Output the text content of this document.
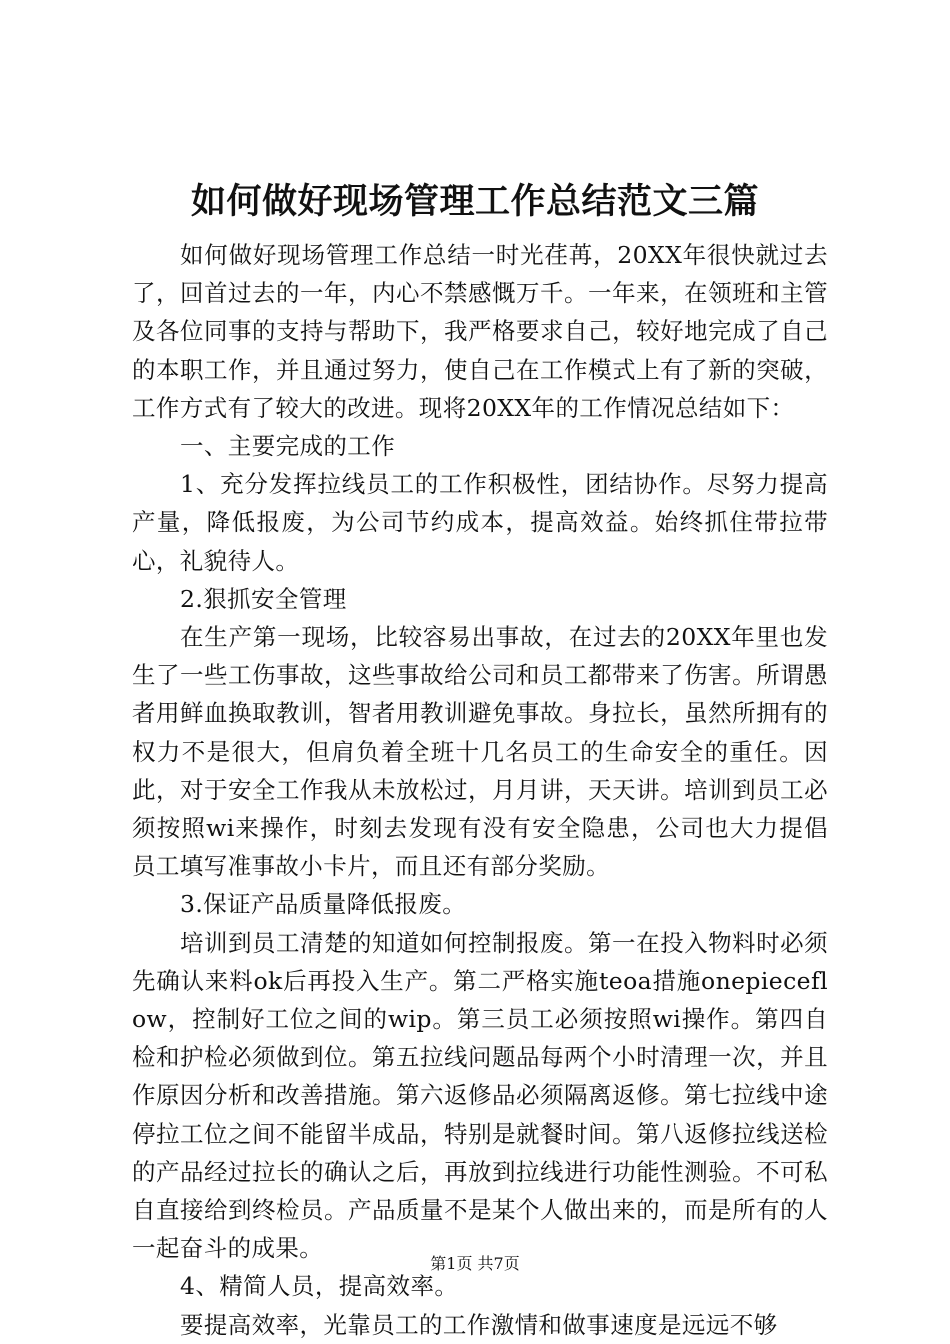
如何做好现场管理工作总结范文三篇

如何做好现场管理工作总结一时光荏苒，20XX年很快就过去了，回首过去的一年，内心不禁感慨万千。一年来，在领班和主管及各位同事的支持与帮助下，我严格要求自己，较好地完成了自己的本职工作，并且通过努力，使自己在工作模式上有了新的突破，工作方式有了较大的改进。现将20XX年的工作情况总结如下：

一、主要完成的工作

1、充分发挥拉线员工的工作积极性，团结协作。尽努力提高产量，降低报废，为公司节约成本，提高效益。始终抓住带拉带心，礼貌待人。

2.狠抓安全管理

在生产第一现场，比较容易出事故，在过去的20XX年里也发生了一些工伤事故，这些事故给公司和员工都带来了伤害。所谓愚者用鲜血换取教训，智者用教训避免事故。身拉长，虽然所拥有的权力不是很大，但肩负着全班十几名员工的生命安全的重任。因此，对于安全工作我从未放松过，月月讲，天天讲。培训到员工必须按照wi来操作，时刻去发现有没有安全隐患，公司也大力提倡员工填写准事故小卡片，而且还有部分奖励。

3.保证产品质量降低报废。

培训到员工清楚的知道如何控制报废。第一在投入物料时必须先确认来料ok后再投入生产。第二严格实施teoa措施onepieceflow，控制好工位之间的wip。第三员工必须按照wi操作。第四自检和护检必须做到位。第五拉线问题品每两个小时清理一次，并且作原因分析和改善措施。第六返修品必须隔离返修。第七拉线中途停拉工位之间不能留半成品，特别是就餐时间。第八返修拉线送检的产品经过拉长的确认之后，再放到拉线进行功能性测验。不可私自直接给到终检员。产品质量不是某个人做出来的，而是所有的人一起奋斗的成果。

4、精简人员，提高效率。

要提高效率，光靠员工的工作激情和做事速度是远远不够

第1页 共7页
